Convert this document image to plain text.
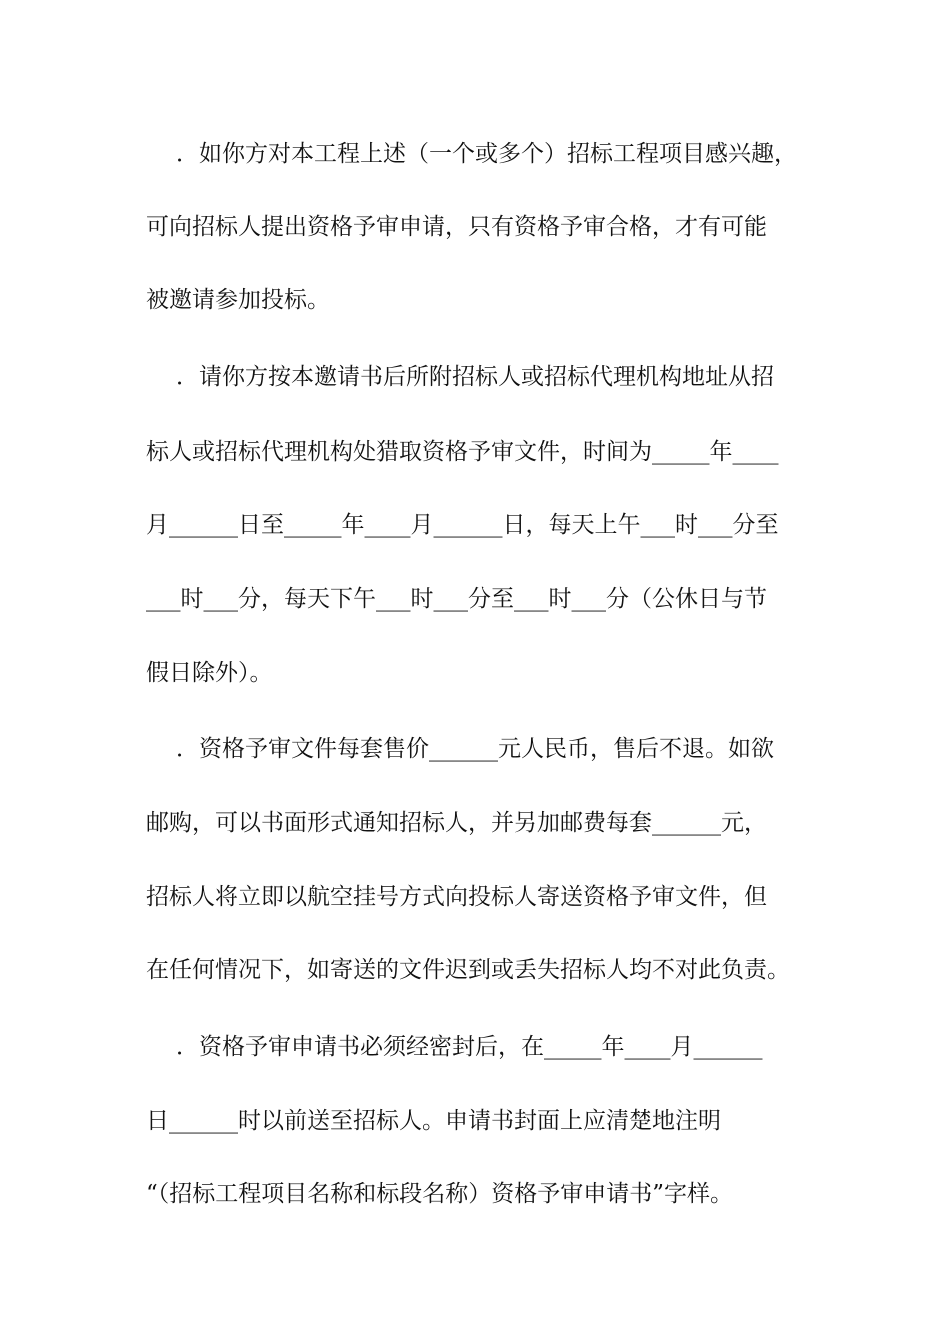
．如你方对本工程上述（一个或多个）招标工程项目感兴趣，
可向招标人提出资格予审申请，只有资格予审合格，才有可能
被邀请参加投标。
．请你方按本邀请书后所附招标人或招标代理机构地址从招
标人或招标代理机构处猎取资格予审文件，时间为_____年____
月______日至_____年____月______日，每天上午___时___分至
___时___分，每天下午___时___分至___时___分（公休日与节
假日除外）。
．资格予审文件每套售价______元人民币，售后不退。如欲
邮购，可以书面形式通知招标人，并另加邮费每套______元，
招标人将立即以航空挂号方式向投标人寄送资格予审文件，但
在任何情况下，如寄送的文件迟到或丢失招标人均不对此负责。
．资格予审申请书必须经密封后，在_____年____月______
日______时以前送至招标人。申请书封面上应清楚地注明
“（招标工程项目名称和标段名称）资格予审申请书”字样。
